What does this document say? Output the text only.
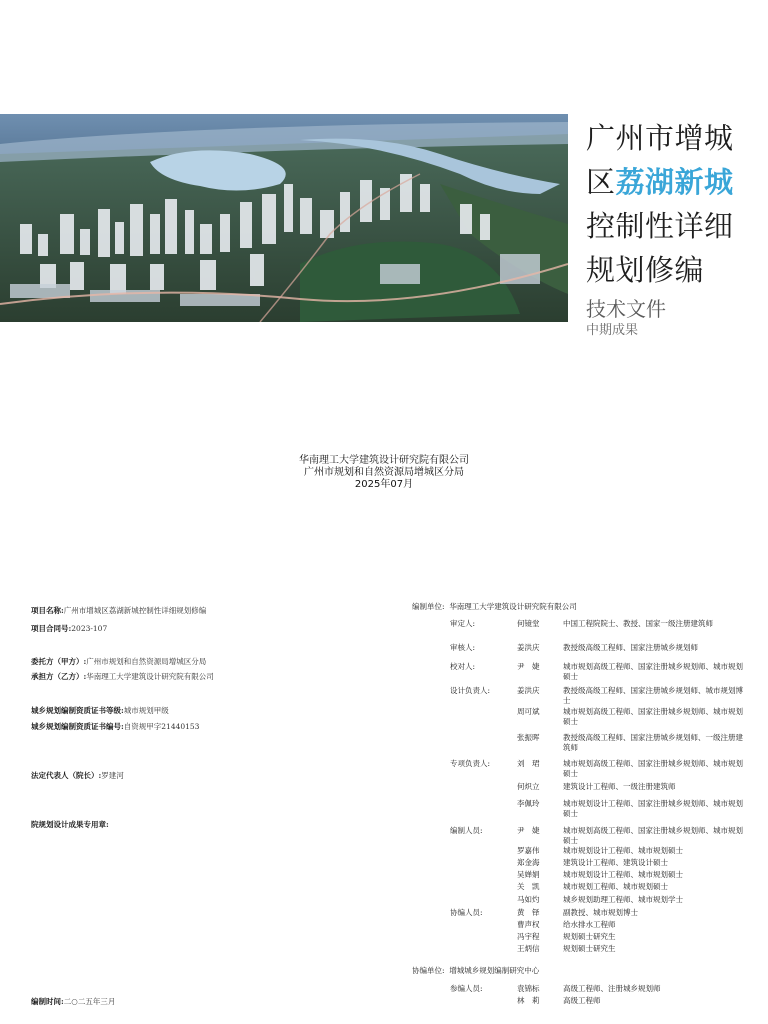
广州市增城
区荔湖新城
控制性详细
规划修编
技术文件
中期成果
华南理工大学建筑设计研究院有限公司
广州市规划和自然资源局增城区分局
2025年07月
项目名称:广州市增城区荔湖新城控制性详细规划修编
项目合同号:2023-107
委托方（甲方）:广州市规划和自然资源局增城区分局
承担方（乙方）:华南理工大学建筑设计研究院有限公司
城乡规划编制资质证书等级:城市规划甲级
城乡规划编制资质证书编号:自资规甲字21440153
法定代表人（院长）:罗建河
院规划设计成果专用章:
编制时间:二○二五年三月
编制单位: 华南理工大学建筑设计研究院有限公司
审定人:	何镜堂	中国工程院院士、教授、国家一级注册建筑师
审核人:	姜洪庆	教授级高级工程师、国家注册城乡规划师
校对人:	尹　婕	城市规划高级工程师、国家注册城乡规划师、城市规划硕士
设计负责人:	姜洪庆	教授级高级工程师、国家注册城乡规划师、城市规划博士
周可斌	城市规划高级工程师、国家注册城乡规划师、城市规划硕士
张振晖	教授级高级工程师、国家注册城乡规划师、一级注册建筑师
专项负责人:	刘　珺	城市规划高级工程师、国家注册城乡规划师、城市规划硕士
何炽立	建筑设计工程师、一级注册建筑师
李佩玲	城市规划设计工程师、国家注册城乡规划师、城市规划硕士
编制人员:	尹　婕	城市规划高级工程师、国家注册城乡规划师、城市规划硕士
罗嘉伟	城市规划设计工程师、城市规划硕士
郑金海	建筑设计工程师、建筑设计硕士
吴婵娟	城市规划设计工程师、城市规划硕士
关　凯	城市规划工程师、城市规划硕士
马如灼	城乡规划助理工程师、城市规划学士
协编人员:	黄　铎	副教授、城市规划博士
曹声权	给水排水工程师
冯宇程	规划硕士研究生
王炳信	规划硕士研究生
协编单位: 增城城乡规划编制研究中心
参编人员:	袁锦标	高级工程师、注册城乡规划师
林　莉	高级工程师
